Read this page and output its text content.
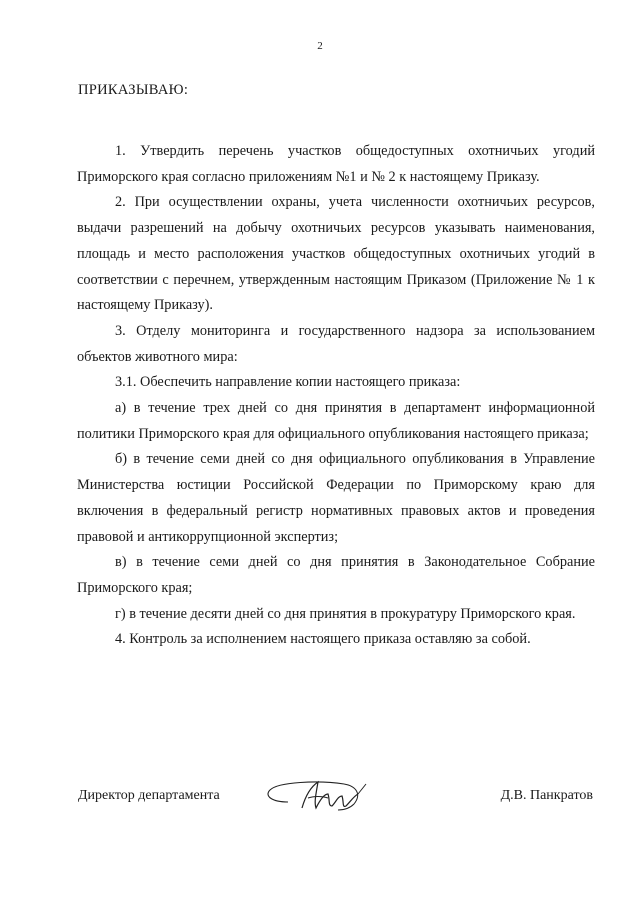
2
ПРИКАЗЫВАЮ:

1. Утвердить перечень участков общедоступных охотничьих угодий Приморского края согласно приложениям №1 и № 2 к настоящему Приказу.

2. При осуществлении охраны, учета численности охотничьих ресурсов, выдачи разрешений на добычу охотничьих ресурсов указывать наименования, площадь и место расположения участков общедоступных охотничьих угодий в соответствии с перечнем, утвержденным настоящим Приказом (Приложение № 1 к настоящему Приказу).

3. Отделу мониторинга и государственного надзора за использованием объектов животного мира:

3.1. Обеспечить направление копии настоящего приказа:

а) в течение трех дней со дня принятия в департамент информационной политики Приморского края для официального опубликования настоящего приказа;

б) в течение семи дней со дня официального опубликования в Управление Министерства юстиции Российской Федерации по Приморскому краю для включения в федеральный регистр нормативных правовых актов и проведения правовой и антикоррупционной экспертиз;

в) в течение семи дней со дня принятия в Законодательное Собрание Приморского края;

г) в течение десяти дней со дня принятия в прокуратуру Приморского края.

4. Контроль за исполнением настоящего приказа оставляю за собой.

Директор департамента	Д.В. Панкратов
